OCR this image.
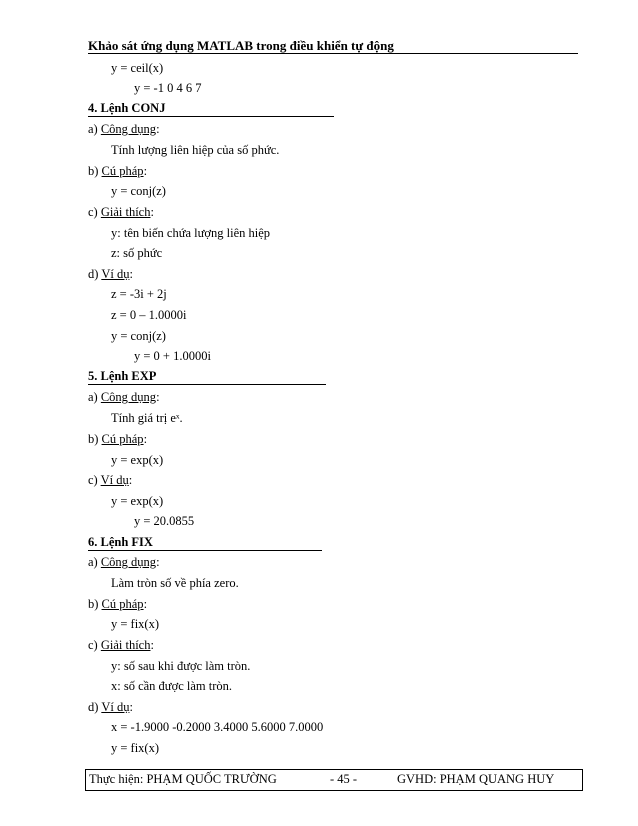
Khảo sát ứng dụng MATLAB trong điều khiển tự động
y = ceil(x)
y = -1 0 4 6 7
4. Lệnh CONJ
a) Công dụng:
Tính lượng liên hiệp của số phức.
b) Cú pháp:
y = conj(z)
c) Giải thích:
y: tên biến chứa lượng liên hiệp
z: số phức
d) Ví dụ:
z = -3i + 2j
z = 0 – 1.0000i
y = conj(z)
y = 0 + 1.0000i
5. Lệnh EXP
a) Công dụng:
Tính giá trị eˣ.
b) Cú pháp:
y = exp(x)
c) Ví dụ:
y = exp(x)
y = 20.0855
6. Lệnh FIX
a) Công dụng:
Làm tròn số về phía zero.
b) Cú pháp:
y = fix(x)
c) Giải thích:
y: số sau khi được làm tròn.
x: số cần được làm tròn.
d) Ví dụ:
x = -1.9000 -0.2000 3.4000 5.6000 7.0000
y = fix(x)
Thực hiện: PHẠM QUỐC TRƯỜNG	- 45 -	GVHD: PHẠM QUANG HUY
